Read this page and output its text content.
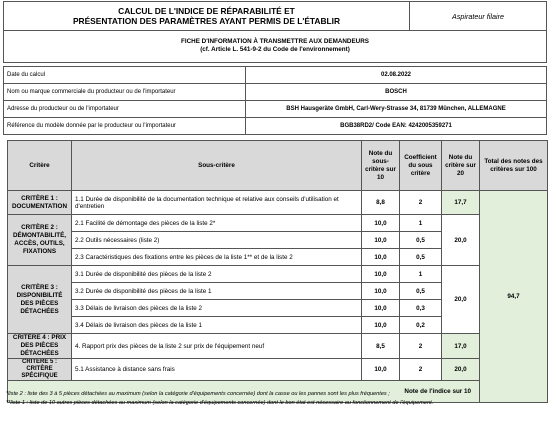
CALCUL DE L'INDICE DE RÉPARABILITÉ ET
PRÉSENTATION DES PARAMÈTRES AYANT PERMIS DE L'ÉTABLIR	Aspirateur filaire
FICHE D'INFORMATION À TRANSMETTRE AUX DEMANDEURS
(cf. Article L. 541-9-2 du Code de l'environnement)
Date du calcul	02.08.2022
Nom ou marque commerciale du producteur ou de l'importateur	BOSCH
Adresse du producteur ou de l'importateur	BSH Hausgeräte GmbH, Carl-Wery-Strasse 34, 81739 München, ALLEMAGNE
Référence du modèle donnée par le producteur ou l'importateur	BGB38RD2/ Code EAN: 4242005359271
Critère	Sous-critère	Note du sous-critère sur 10	Coefficient du sous critère	Note du critère sur 20	Total des notes des critères sur 100	
CRITÈRE 1 : DOCUMENTATION	1.1 Durée de disponibilité de la documentation technique et relative aux conseils d'utilisation et d'entretien	8,8	2	17,7	94,7	
CRITÈRE 2 : DÉMONTABILITÉ, ACCÈS, OUTILS, FIXATIONS	2.1 Facilité de démontage des pièces de la liste 2*	10,0	1	20,0		
	2.2 Outils nécessaires (liste 2)	10,0	0,5			
	2.3 Caractéristiques des fixations entre les pièces de la liste 1** et de la liste 2	10,0	0,5			
CRITÈRE 3 : DISPONIBILITÉ DES PIÈCES DÉTACHÉES	3.1 Durée de disponibilité des pièces de la liste 2	10,0	1	20,0		
	3.2 Durée de disponibilité des pièces de la liste 1	10,0	0,5			
	3.3 Délais de livraison des pièces de la liste 2	10,0	0,3			
	3.4 Délais de livraison des pièces de la liste 1	10,0	0,2			
CRITÈRE 4 : PRIX DES PIÈCES DÉTACHÉES	4. Rapport prix des pièces de la liste 2 sur prix de l'équipement neuf	8,5	2	17,0		
CRITÈRE 5 : CRITÈRE SPÉCIFIQUE	5.1 Assistance à distance sans frais	10,0	2	20,0		
Note de l'indice sur 10	
*liste 2 : liste des 3 à 5 pièces détachées au maximum (selon la catégorie d'équipements concernée) dont la casse ou les pannes sont les plus fréquentes ;
**liste 1 : liste de 10 autres pièces détachées au maximum (selon la catégorie d'équipements concernée) dont le bon état est nécessaire au fonctionnement de l'équipement.
